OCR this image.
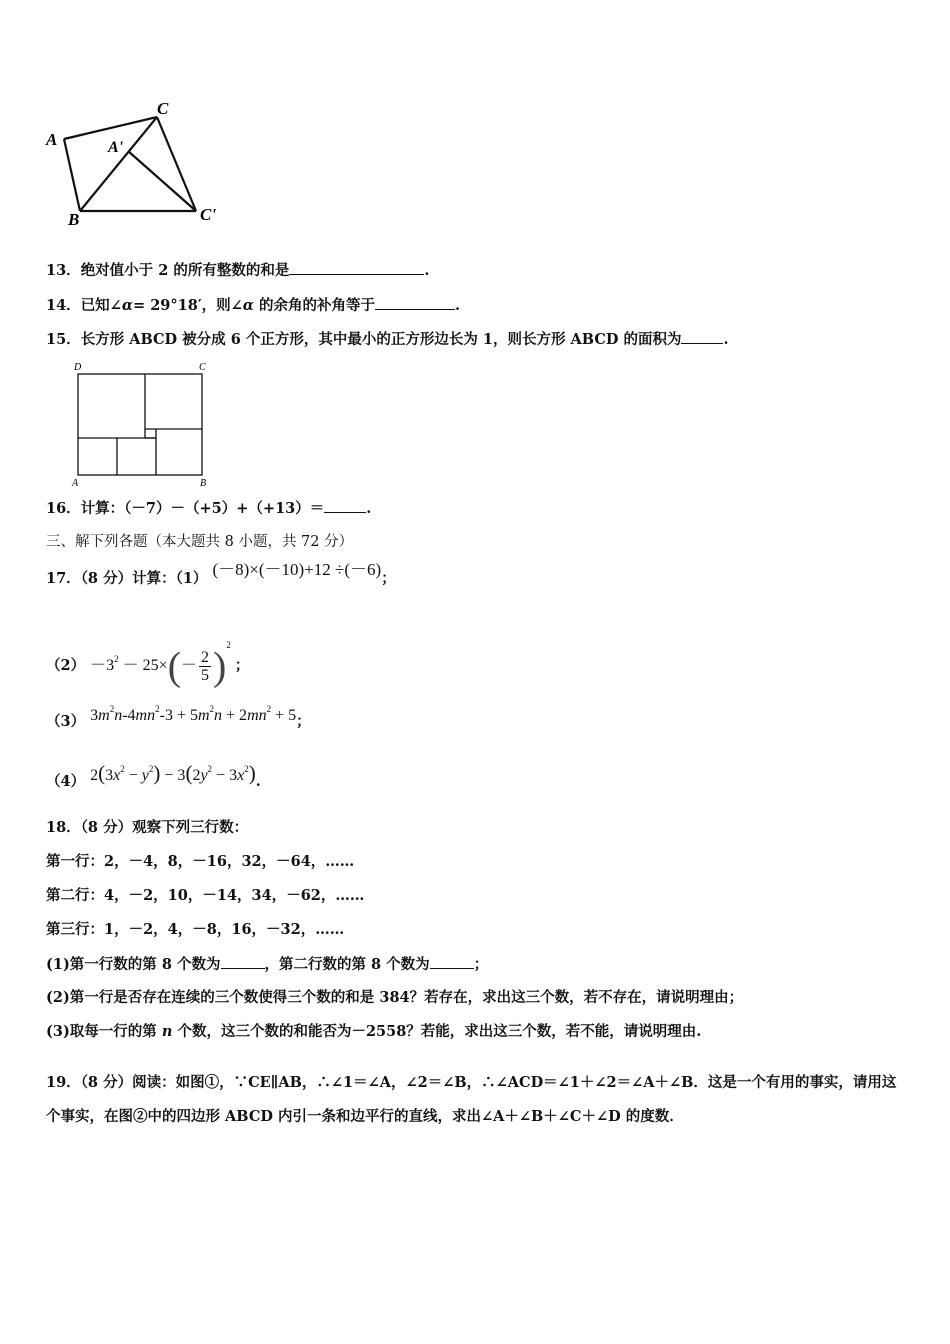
A
C
A'
B	C'
13．绝对值小于 2 的所有整数的和是	.
14．已知∠α= 29°18′，则∠α 的余角的补角等于	.
15．长方形 ABCD 被分成 6 个正方形，其中最小的正方形边长为 1，则长方形 ABCD 的面积为	.
D	C
A	B
16．计算：（－7）－（+5）+（+13）＝	.
三、解下列各题（本大题共 8 小题，共 72 分）
17．（8 分）计算：（1） (－8)×(－10)+12 ÷(－6)；
$(2) -3^2 - 25\times(- \frac{2}{5} )^2$ ；
（3） $3m^2n-4mn^2-3 + 5m^2n + 2mn^2 + 5$；
（4） $2(3x^2 - y^2) - 3(2y^2 - 3x^2)$.
18．（8 分）观察下列三行数：
第一行：2，－4，8，－16，32，－64，……
第二行：4，－2，10，－14，34，－62，……
第三行：1，－2，4，－8，16，－32，……
(1)第一行数的第 8 个数为	，第二行数的第 8 个数为	；
(2)第一行是否存在连续的三个数使得三个数的和是 384？若存在，求出这三个数，若不存在，请说明理由；
(3)取每一行的第 n 个数，这三个数的和能否为－2558？若能，求出这三个数，若不能，请说明理由.
19．（8 分）阅读：如图①，∵CE∥AB，∴∠1＝∠A，∠2＝∠B，∴∠ACD＝∠1＋∠2＝∠A＋∠B．这是一个有用的事实，请用这个事实，在图②中的四边形 ABCD 内引一条和边平行的直线，求出∠A＋∠B＋∠C＋∠D 的度数．
